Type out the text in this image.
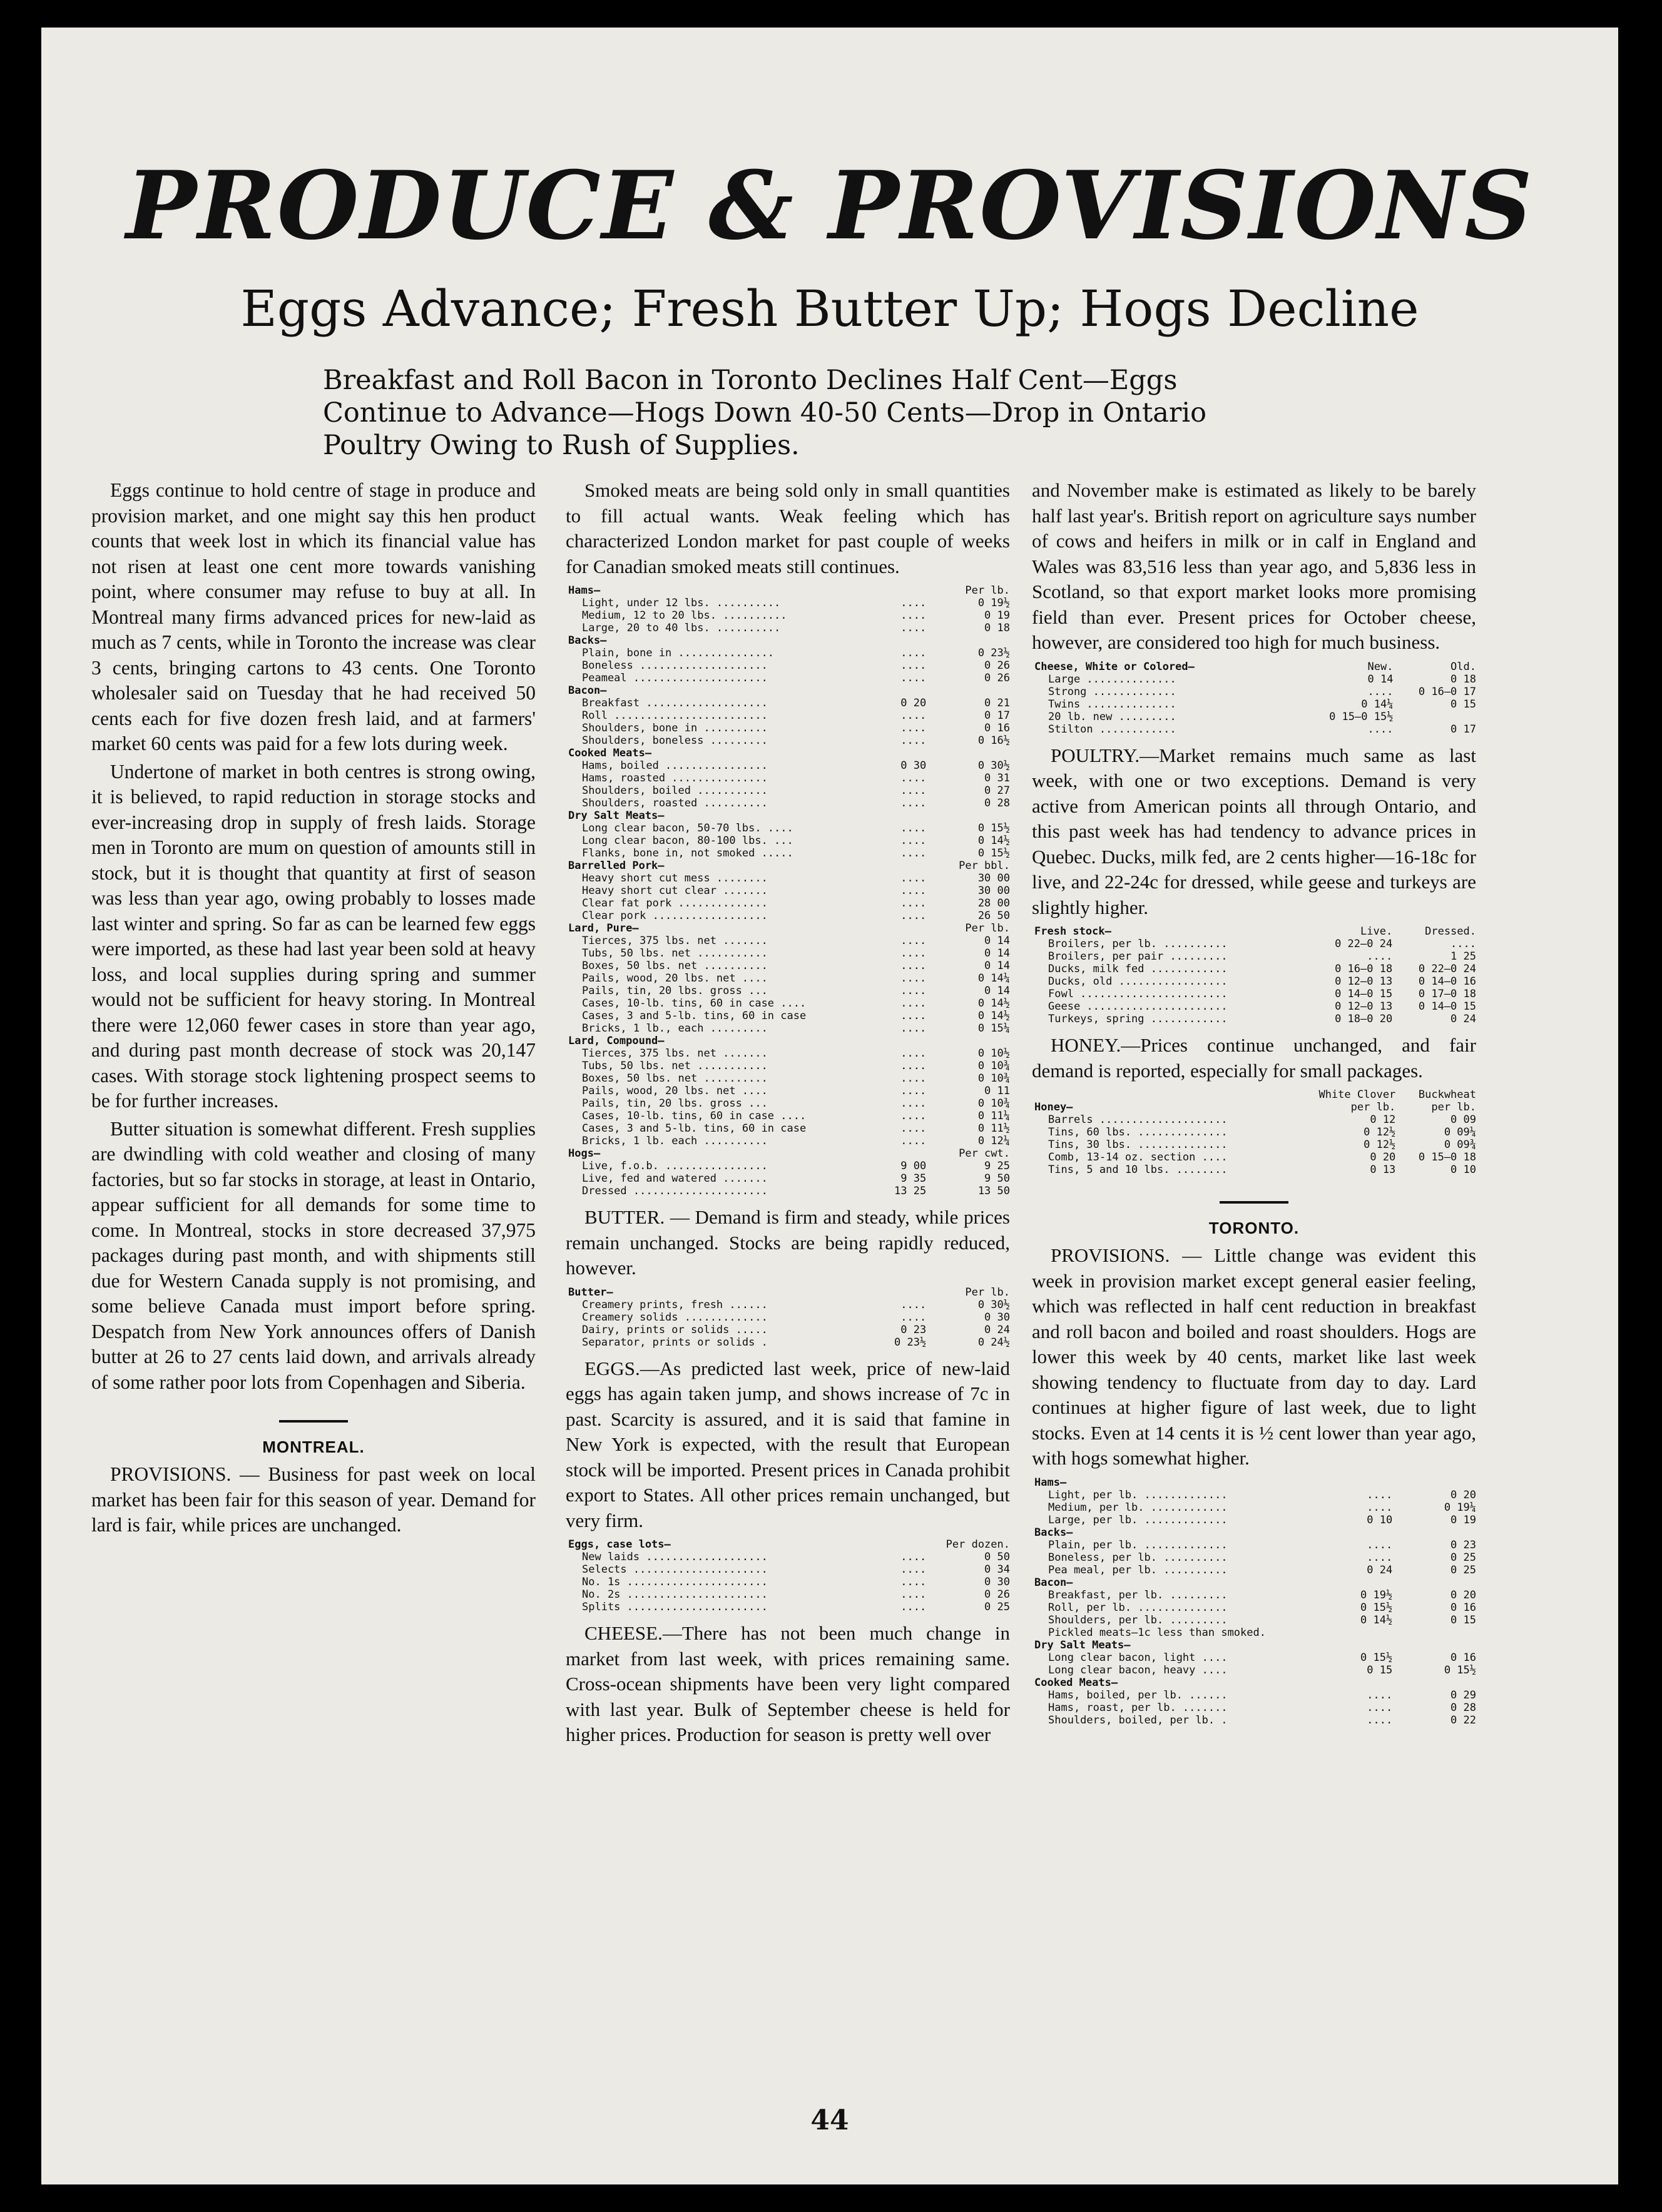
PRODUCE & PROVISIONS
Eggs Advance; Fresh Butter Up; Hogs Decline
Breakfast and Roll Bacon in Toronto Declines Half Cent—Eggs
Continue to Advance—Hogs Down 40-50 Cents—Drop in Ontario
Poultry Owing to Rush of Supplies.

Eggs continue to hold centre of stage in produce and provision market, and one might say this hen product counts that week lost in which its financial value has not risen at least one cent more towards vanishing point, where consumer may refuse to buy at all. In Montreal many firms advanced prices for new-laid as much as 7 cents, while in Toronto the increase was clear 3 cents, bringing cartons to 43 cents. One Toronto wholesaler said on Tuesday that he had received 50 cents each for five dozen fresh laid, and at farmers' market 60 cents was paid for a few lots during week.

Undertone of market in both centres is strong owing, it is believed, to rapid reduction in storage stocks and ever-increasing drop in supply of fresh laids. Storage men in Toronto are mum on question of amounts still in stock, but it is thought that quantity at first of season was less than year ago, owing probably to losses made last winter and spring. So far as can be learned few eggs were imported, as these had last year been sold at heavy loss, and local supplies during spring and summer would not be sufficient for heavy storing. In Montreal there were 12,060 fewer cases in store than year ago, and during past month decrease of stock was 20,147 cases. With storage stock lightening prospect seems to be for further increases.

Butter situation is somewhat different. Fresh supplies are dwindling with cold weather and closing of many factories, but so far stocks in storage, at least in Ontario, appear sufficient for all demands for some time to come. In Montreal, stocks in store decreased 37,975 packages during past month, and with shipments still due for Western Canada supply is not promising, and some believe Canada must import before spring. Despatch from New York announces offers of Danish butter at 26 to 27 cents laid down, and arrivals already of some rather poor lots from Copenhagen and Siberia.

MONTREAL.

PROVISIONS. — Business for past week on local market has been fair for this season of year. Demand for lard is fair, while prices are unchanged.

Smoked meats are being sold only in small quantities to fill actual wants. Weak feeling which has characterized London market for past couple of weeks for Canadian smoked meats still continues.

Hams—		Per lb.
Light, under 12 lbs. ..........	....	0 19½
Medium, 12 to 20 lbs. ..........	....	0 19
Large, 20 to 40 lbs. ..........	....	0 18
Backs—		
Plain, bone in ...............	....	0 23½
Boneless ....................	....	0 26
Peameal .....................	....	0 26
Bacon—		
Breakfast ...................	0 20	0 21
Roll ........................	....	0 17
Shoulders, bone in ..........	....	0 16
Shoulders, boneless .........	....	0 16½
Cooked Meats—		
Hams, boiled ................	0 30	0 30½
Hams, roasted ...............	....	0 31
Shoulders, boiled ...........	....	0 27
Shoulders, roasted ..........	....	0 28
Dry Salt Meats—		
Long clear bacon, 50-70 lbs. ....	....	0 15½
Long clear bacon, 80-100 lbs. ...	....	0 14½
Flanks, bone in, not smoked .....	....	0 15½
Barrelled Pork—		Per bbl.
Heavy short cut mess ........	....	30 00
Heavy short cut clear .......	....	30 00
Clear fat pork ..............	....	28 00
Clear pork ..................	....	26 50
Lard, Pure—		Per lb.
Tierces, 375 lbs. net .......	....	0 14
Tubs, 50 lbs. net ...........	....	0 14
Boxes, 50 lbs. net ..........	....	0 14
Pails, wood, 20 lbs. net ....	....	0 14¼
Pails, tin, 20 lbs. gross ...	....	0 14
Cases, 10-lb. tins, 60 in case ....	....	0 14½
Cases, 3 and 5-lb. tins, 60 in case	....	0 14½
Bricks, 1 lb., each .........	....	0 15¼
Lard, Compound—		
Tierces, 375 lbs. net .......	....	0 10½
Tubs, 50 lbs. net ...........	....	0 10¾
Boxes, 50 lbs. net ..........	....	0 10¾
Pails, wood, 20 lbs. net ....	....	0 11
Pails, tin, 20 lbs. gross ...	....	0 10¾
Cases, 10-lb. tins, 60 in case ....	....	0 11¼
Cases, 3 and 5-lb. tins, 60 in case	....	0 11½
Bricks, 1 lb. each ..........	....	0 12¼
Hogs—		Per cwt.
Live, f.o.b. ................	9 00	9 25
Live, fed and watered .......	9 35	9 50
Dressed .....................	13 25	13 50

BUTTER. — Demand is firm and steady, while prices remain unchanged. Stocks are being rapidly reduced, however.

Butter—		Per lb.
Creamery prints, fresh ......	....	0 30½
Creamery solids .............	....	0 30
Dairy, prints or solids .....	0 23	0 24
Separator, prints or solids .	0 23½	0 24½

EGGS.—As predicted last week, price of new-laid eggs has again taken jump, and shows increase of 7c in past. Scarcity is assured, and it is said that famine in New York is expected, with the result that European stock will be imported. Present prices in Canada prohibit export to States. All other prices remain unchanged, but very firm.

Eggs, case lots—		Per dozen.
New laids ...................	....	0 50
Selects .....................	....	0 34
No. 1s ......................	....	0 30
No. 2s ......................	....	0 26
Splits ......................	....	0 25

CHEESE.—There has not been much change in market from last week, with prices remaining same. Cross-ocean shipments have been very light compared with last year. Bulk of September cheese is held for higher prices. Production for season is pretty well over

and November make is estimated as likely to be barely half last year's. British report on agriculture says number of cows and heifers in milk or in calf in England and Wales was 83,516 less than year ago, and 5,836 less in Scotland, so that export market looks more promising field than ever. Present prices for October cheese, however, are considered too high for much business.

Cheese, White or Colored—	New.	Old.
Large ..............	0 14	0 18
Strong .............	....	0 16—0 17
Twins ..............	0 14¼	0 15
20 lb. new .........	0 15—0 15½	
Stilton ............	....	0 17

POULTRY.—Market remains much same as last week, with one or two exceptions. Demand is very active from American points all through Ontario, and this past week has had tendency to advance prices in Quebec. Ducks, milk fed, are 2 cents higher—16-18c for live, and 22-24c for dressed, while geese and turkeys are slightly higher.

Fresh stock—	Live.	Dressed.
Broilers, per lb. ..........	0 22—0 24	....
Broilers, per pair .........	....	1 25
Ducks, milk fed ............	0 16—0 18	0 22—0 24
Ducks, old .................	0 12—0 13	0 14—0 16
Fowl .......................	0 14—0 15	0 17—0 18
Geese ......................	0 12—0 13	0 14—0 15
Turkeys, spring ............	0 18—0 20	0 24

HONEY.—Prices continue unchanged, and fair demand is reported, especially for small packages.

	White Clover	Buckwheat
Honey—	per lb.	per lb.
Barrels ....................	0 12	0 09
Tins, 60 lbs. ..............	0 12½	0 09¼
Tins, 30 lbs. ..............	0 12½	0 09¾
Comb, 13-14 oz. section ....	0 20	0 15—0 18
Tins, 5 and 10 lbs. ........	0 13	0 10
TORONTO.

PROVISIONS. — Little change was evident this week in provision market except general easier feeling, which was reflected in half cent reduction in breakfast and roll bacon and boiled and roast shoulders. Hogs are lower this week by 40 cents, market like last week showing tendency to fluctuate from day to day. Lard continues at higher figure of last week, due to light stocks. Even at 14 cents it is ½ cent lower than year ago, with hogs somewhat higher.

Hams—		
Light, per lb. .............	....	0 20
Medium, per lb. ............	....	0 19¼
Large, per lb. .............	0 10	0 19
Backs—		
Plain, per lb. .............	....	0 23
Boneless, per lb. ..........	....	0 25
Pea meal, per lb. ..........	0 24	0 25
Bacon—		
Breakfast, per lb. .........	0 19½	0 20
Roll, per lb. ..............	0 15½	0 16
Shoulders, per lb. .........	0 14½	0 15
Pickled meats—1c less than smoked.		
Dry Salt Meats—		
Long clear bacon, light ....	0 15½	0 16
Long clear bacon, heavy ....	0 15	0 15½
Cooked Meats—		
Hams, boiled, per lb. ......	....	0 29
Hams, roast, per lb. .......	....	0 28
Shoulders, boiled, per lb. .	....	0 22
44
